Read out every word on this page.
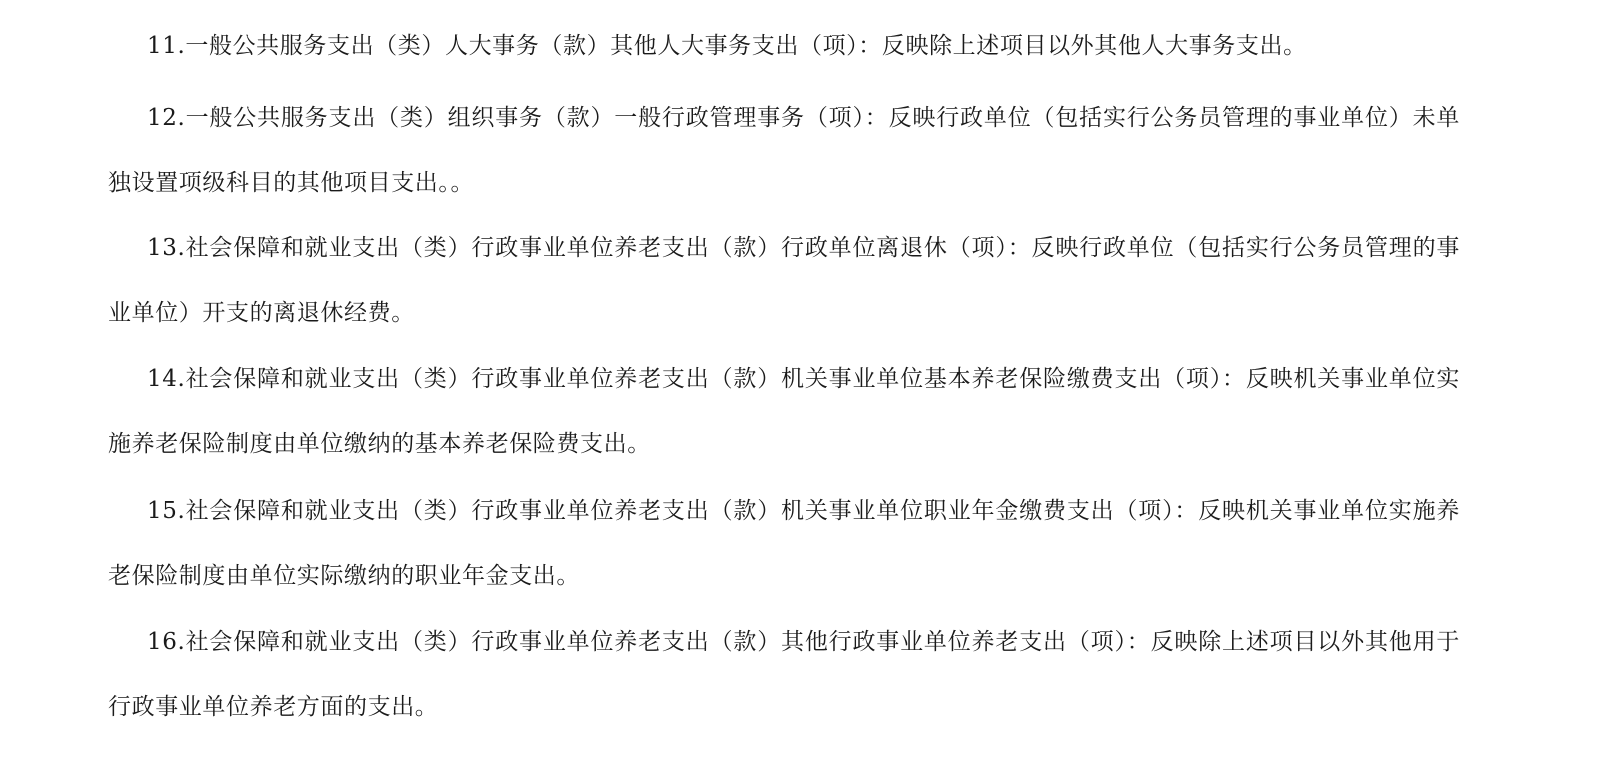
11.一般公共服务支出（类）人大事务（款）其他人大事务支出（项）：反映除上述项目以外其他人大事务支出。

12.一般公共服务支出（类）组织事务（款）一般行政管理事务（项）：反映行政单位（包括实行公务员管理的事业单位）未单独设置项级科目的其他项目支出。。

13.社会保障和就业支出（类）行政事业单位养老支出（款）行政单位离退休（项）：反映行政单位（包括实行公务员管理的事业单位）开支的离退休经费。

14.社会保障和就业支出（类）行政事业单位养老支出（款）机关事业单位基本养老保险缴费支出（项）：反映机关事业单位实施养老保险制度由单位缴纳的基本养老保险费支出。

15.社会保障和就业支出（类）行政事业单位养老支出（款）机关事业单位职业年金缴费支出（项）：反映机关事业单位实施养老保险制度由单位实际缴纳的职业年金支出。

16.社会保障和就业支出（类）行政事业单位养老支出（款）其他行政事业单位养老支出（项）：反映除上述项目以外其他用于行政事业单位养老方面的支出。
